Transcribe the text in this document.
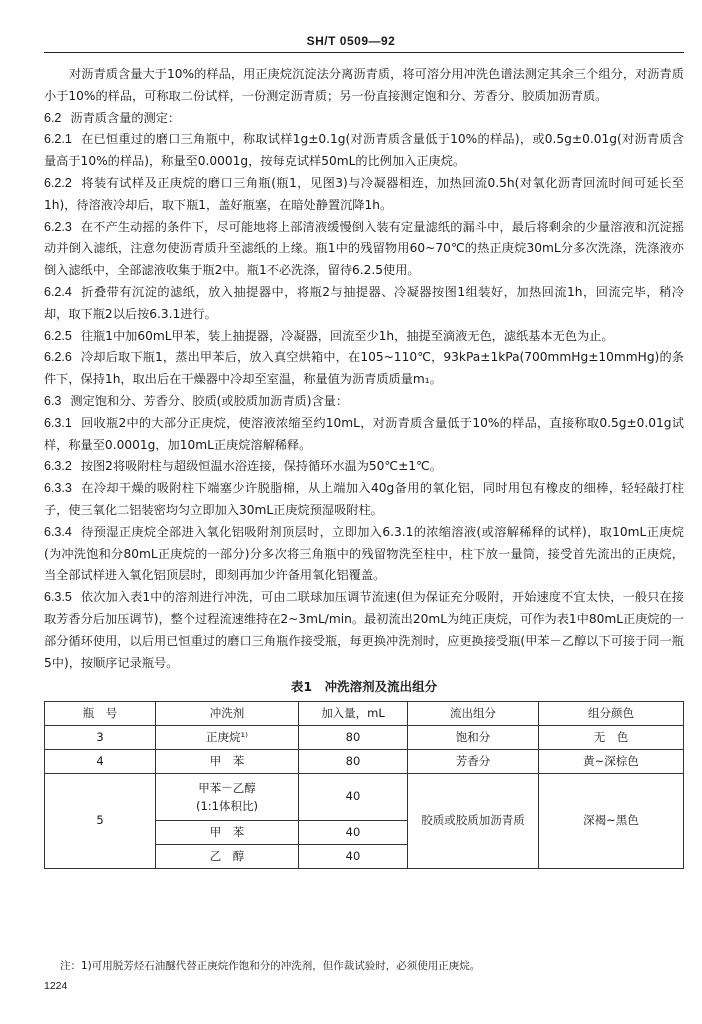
SH/T 0509—92

对沥青质含量大于10%的样品，用正庚烷沉淀法分离沥青质，将可溶分用冲洗色谱法测定其余三个组分，对沥青质小于10%的样品，可称取二份试样，一份测定沥青质；另一份直接测定饱和分、芳香分、胶质加沥青质。

6.2 沥青质含量的测定：

6.2.1 在已恒重过的磨口三角瓶中，称取试样1g±0.1g(对沥青质含量低于10%的样品)，或0.5g±0.01g(对沥青质含量高于10%的样品)，称量至0.0001g，按每克试样50mL的比例加入正庚烷。

6.2.2 将装有试样及正庚烷的磨口三角瓶(瓶1，见图3)与冷凝器相连，加热回流0.5h(对氧化沥青回流时间可延长至1h)，待溶液冷却后，取下瓶1，盖好瓶塞，在暗处静置沉降1h。

6.2.3 在不产生动摇的条件下，尽可能地将上部清液缓慢倒入装有定量滤纸的漏斗中，最后将剩余的少量溶液和沉淀摇动并倒入滤纸，注意勿使沥青质升至滤纸的上缘。瓶1中的残留物用60~70℃的热正庚烷30mL分多次洗涤，洗涤液亦倒入滤纸中，全部滤液收集于瓶2中。瓶1不必洗涤，留待6.2.5使用。

6.2.4 折叠带有沉淀的滤纸，放入抽提器中，将瓶2与抽提器、冷凝器按图1组装好，加热回流1h，回流完毕，稍冷却，取下瓶2以后按6.3.1进行。

6.2.5 往瓶1中加60mL甲苯，装上抽提器，冷凝器，回流至少1h，抽提至滴液无色，滤纸基本无色为止。

6.2.6 冷却后取下瓶1，蒸出甲苯后，放入真空烘箱中，在105~110℃，93kPa±1kPa(700mmHg±10mmHg)的条件下，保持1h，取出后在干燥器中冷却至室温，称量值为沥青质质量m₁。

6.3 测定饱和分、芳香分、胶质(或胶质加沥青质)含量：

6.3.1 回收瓶2中的大部分正庚烷，使溶液浓缩至约10mL，对沥青质含量低于10%的样品，直接称取0.5g±0.01g试样，称量至0.0001g，加10mL正庚烷溶解稀释。

6.3.2 按图2将吸附柱与超级恒温水浴连接，保持循环水温为50℃±1℃。

6.3.3 在冷却干燥的吸附柱下端塞少许脱脂棉，从上端加入40g备用的氧化铝，同时用包有橡皮的细棒，轻轻敲打柱子，使三氧化二铝装密均匀立即加入30mL正庚烷预湿吸附柱。

6.3.4 待预湿正庚烷全部进入氧化铝吸附剂顶层时，立即加入6.3.1的浓缩溶液(或溶解稀释的试样)，取10mL正庚烷(为冲洗饱和分80mL正庚烷的一部分)分多次将三角瓶中的残留物洗至柱中，柱下放一量筒，接受首先流出的正庚烷，当全部试样进入氧化铝顶层时，即刻再加少许备用氧化铝覆盖。

6.3.5 依次加入表1中的溶剂进行冲洗，可由二联球加压调节流速(但为保证充分吸附，开始速度不宜太快，一般只在接取芳香分后加压调节)，整个过程流速维持在2~3mL/min。最初流出20mL为纯正庚烷，可作为表1中80mL正庚烷的一部分循环使用，以后用已恒重过的磨口三角瓶作接受瓶，每更换冲洗剂时，应更换接受瓶(甲苯－乙醇以下可接于同一瓶5中)，按顺序记录瓶号。

表1　冲洗溶剂及流出组分
瓶　号	冲洗剂	加入量，mL	流出组分	组分颜色
3	正庚烷¹⁾	80	饱和分	无　色
4	甲　苯	80	芳香分	黄~深棕色
5	甲苯－乙醇
(1:1体积比)	40	胶质或胶质加沥青质	深褐~黑色
	甲　苯	40		
	乙　醇	40		
注：1)可用脱芳烃石油醚代替正庚烷作饱和分的冲洗剂，但作裁试验时，必须使用正庚烷。
1224
